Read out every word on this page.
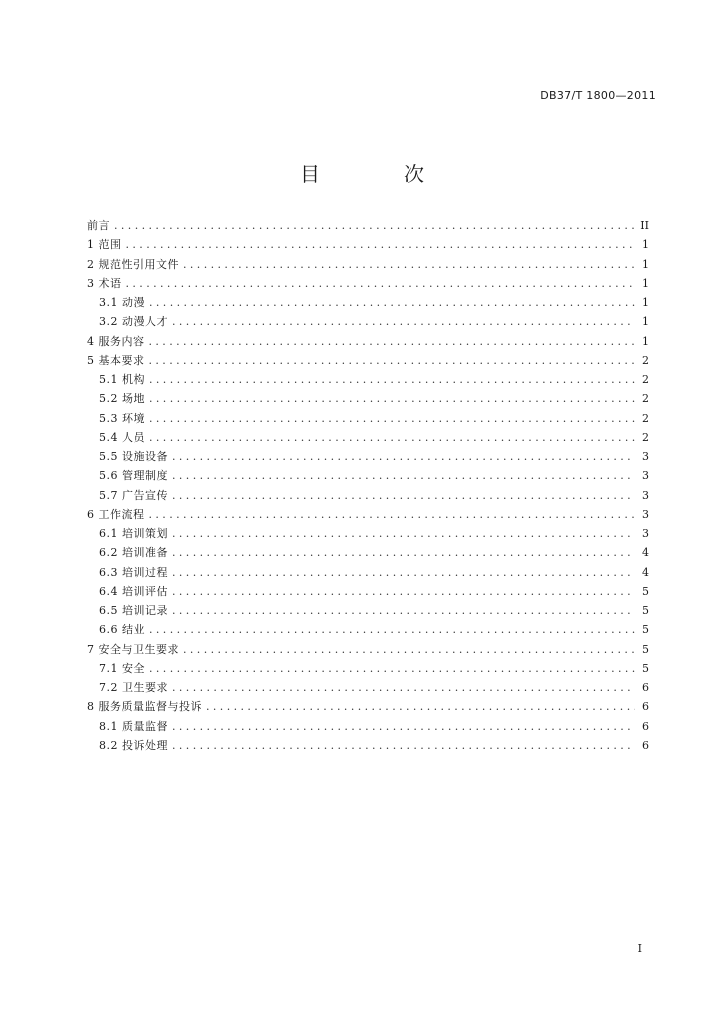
DB37/T 1800—2011
目　次
前言 .....	II
1 范围 .....	1
2 规范性引用文件 .....	1
3 术语 .....	1
3.1 动漫 .....	1
3.2 动漫人才 .....	1
4 服务内容 .....	1
5 基本要求 .....	2
5.1 机构 .....	2
5.2 场地 .....	2
5.3 环境 .....	2
5.4 人员 .....	2
5.5 设施设备 .....	3
5.6 管理制度 .....	3
5.7 广告宣传 .....	3
6 工作流程 .....	3
6.1 培训策划 .....	3
6.2 培训准备 .....	4
6.3 培训过程 .....	4
6.4 培训评估 .....	5
6.5 培训记录 .....	5
6.6 结业 .....	5
7 安全与卫生要求 .....	5
7.1 安全 .....	5
7.2 卫生要求 .....	6
8 服务质量监督与投诉 .....	6
8.1 质量监督 .....	6
8.2 投诉处理 .....	6
I
